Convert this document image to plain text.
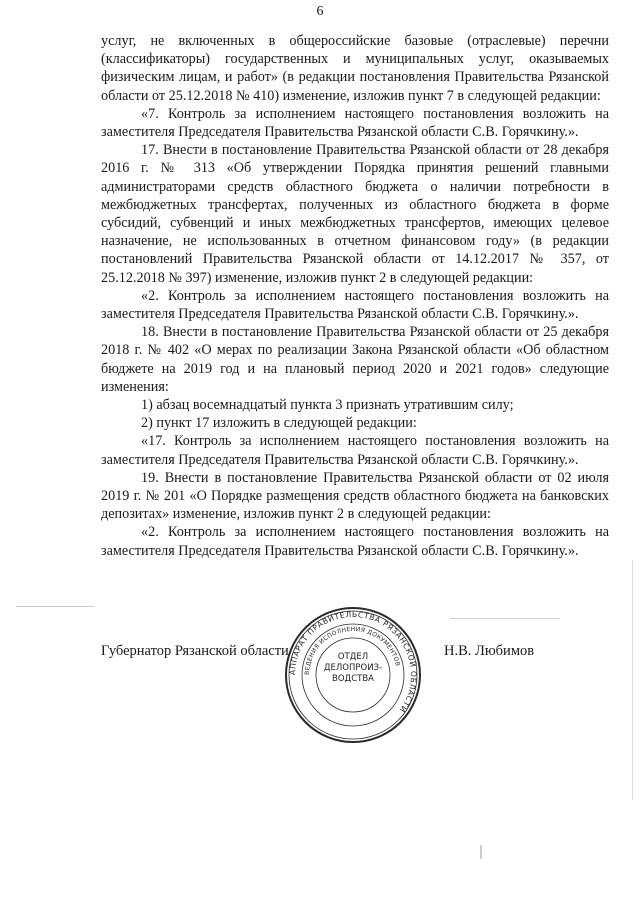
6

услуг, не включенных в общероссийские базовые (отраслевые) перечни (классификаторы) государственных и муниципальных услуг, оказываемых физическим лицам, и работ» (в редакции постановления Правительства Рязанской области от 25.12.2018 № 410) изменение, изложив пункт 7 в следующей редакции:

«7. Контроль за исполнением настоящего постановления возложить на заместителя Председателя Правительства Рязанской области С.В. Горячкину.».

17. Внести в постановление Правительства Рязанской области от 28 декабря 2016 г. № 313 «Об утверждении Порядка принятия решений главными администраторами средств областного бюджета о наличии потребности в межбюджетных трансфертах, полученных из областного бюджета в форме субсидий, субвенций и иных межбюджетных трансфертов, имеющих целевое назначение, не использованных в отчетном финансовом году» (в редакции постановлений Правительства Рязанской области от 14.12.2017 № 357, от 25.12.2018 № 397) изменение, изложив пункт 2 в следующей редакции:

«2. Контроль за исполнением настоящего постановления возложить на заместителя Председателя Правительства Рязанской области С.В. Горячкину.».

18. Внести в постановление Правительства Рязанской области от 25 декабря 2018 г. № 402 «О мерах по реализации Закона Рязанской области «Об областном бюджете на 2019 год и на плановый период 2020 и 2021 годов» следующие изменения:

1) абзац восемнадцатый пункта 3 признать утратившим силу;

2) пункт 17 изложить в следующей редакции:

«17. Контроль за исполнением настоящего постановления возложить на заместителя Председателя Правительства Рязанской области С.В. Горячкину.».

19. Внести в постановление Правительства Рязанской области от 02 июля 2019 г. № 201 «О Порядке размещения средств областного бюджета на банковских депозитах» изменение, изложив пункт 2 в следующей редакции:

«2. Контроль за исполнением настоящего постановления возложить на заместителя Председателя Правительства Рязанской области С.В. Горячкину.».

Губернатор Рязанской области	Н.В. Любимов
АППАРАТ ПРАВИТЕЛЬСТВА РЯЗАНСКОЙ ОБЛАСТИ
ВЕДЕНИЯ ИСПОЛНЕНИЯ ДОКУМЕНТОВ
ОТДЕЛ
ДЕЛОПРОИЗ-
ВОДСТВА
